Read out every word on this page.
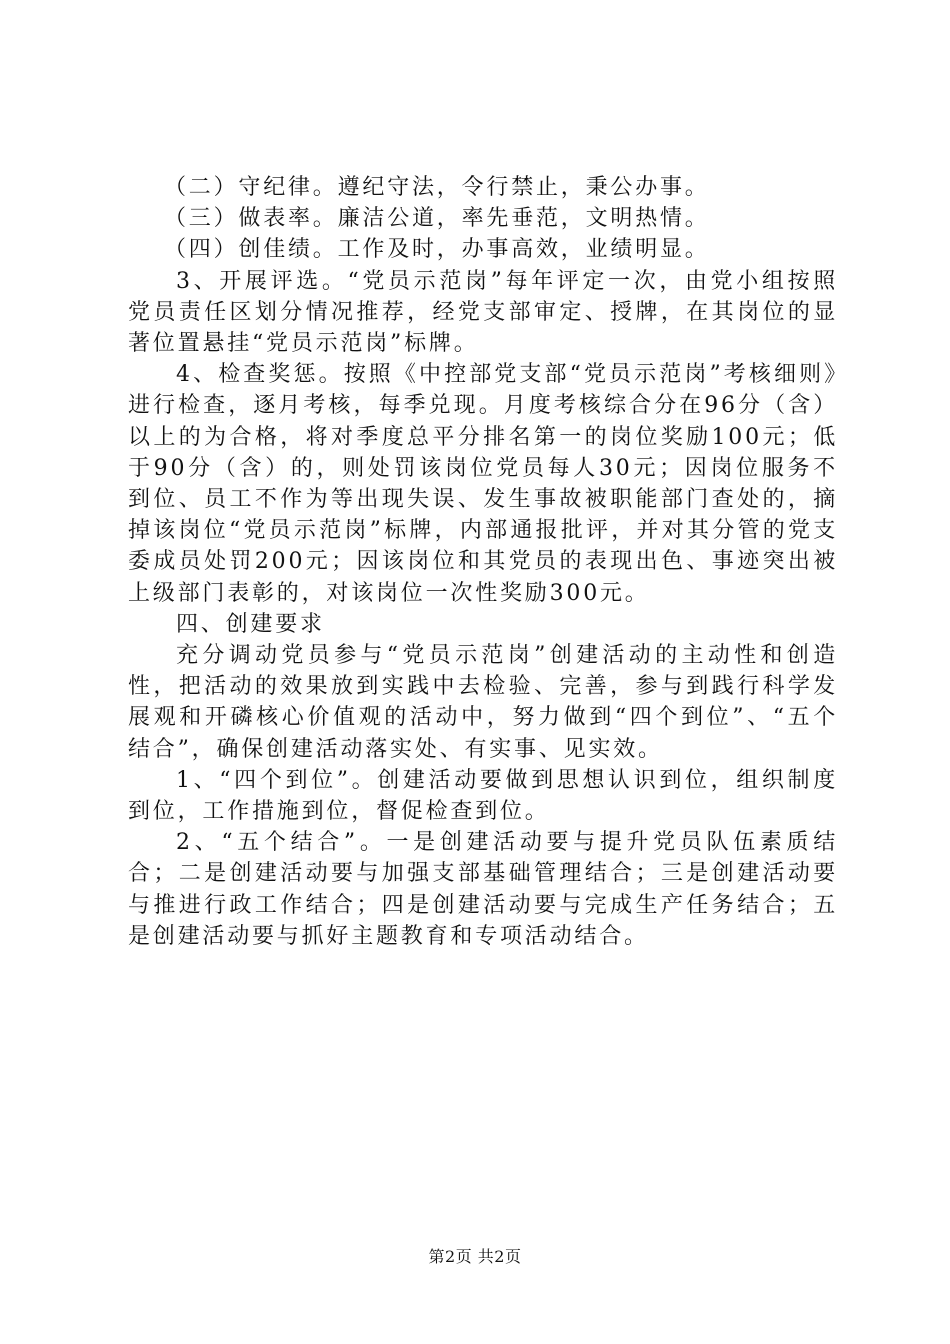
（二）守纪律。遵纪守法，令行禁止，秉公办事。

（三）做表率。廉洁公道，率先垂范，文明热情。

（四）创佳绩。工作及时，办事高效，业绩明显。

3、开展评选。“党员示范岗”每年评定一次，由党小组按照党员责任区划分情况推荐，经党支部审定、授牌，在其岗位的显著位置悬挂“党员示范岗”标牌。

4、检查奖惩。按照《中控部党支部“党员示范岗”考核细则》进行检查，逐月考核，每季兑现。月度考核综合分在96分（含）以上的为合格，将对季度总平分排名第一的岗位奖励100元；低于90分（含）的，则处罚该岗位党员每人30元；因岗位服务不到位、员工不作为等出现失误、发生事故被职能部门查处的，摘掉该岗位“党员示范岗”标牌，内部通报批评，并对其分管的党支委成员处罚200元；因该岗位和其党员的表现出色、事迹突出被上级部门表彰的，对该岗位一次性奖励300元。

四、创建要求

充分调动党员参与“党员示范岗”创建活动的主动性和创造性，把活动的效果放到实践中去检验、完善，参与到践行科学发展观和开磷核心价值观的活动中，努力做到“四个到位”、“五个结合”，确保创建活动落实处、有实事、见实效。

1、“四个到位”。创建活动要做到思想认识到位，组织制度到位，工作措施到位，督促检查到位。

2、“五个结合”。一是创建活动要与提升党员队伍素质结合；二是创建活动要与加强支部基础管理结合；三是创建活动要与推进行政工作结合；四是创建活动要与完成生产任务结合；五是创建活动要与抓好主题教育和专项活动结合。

第2页 共2页
